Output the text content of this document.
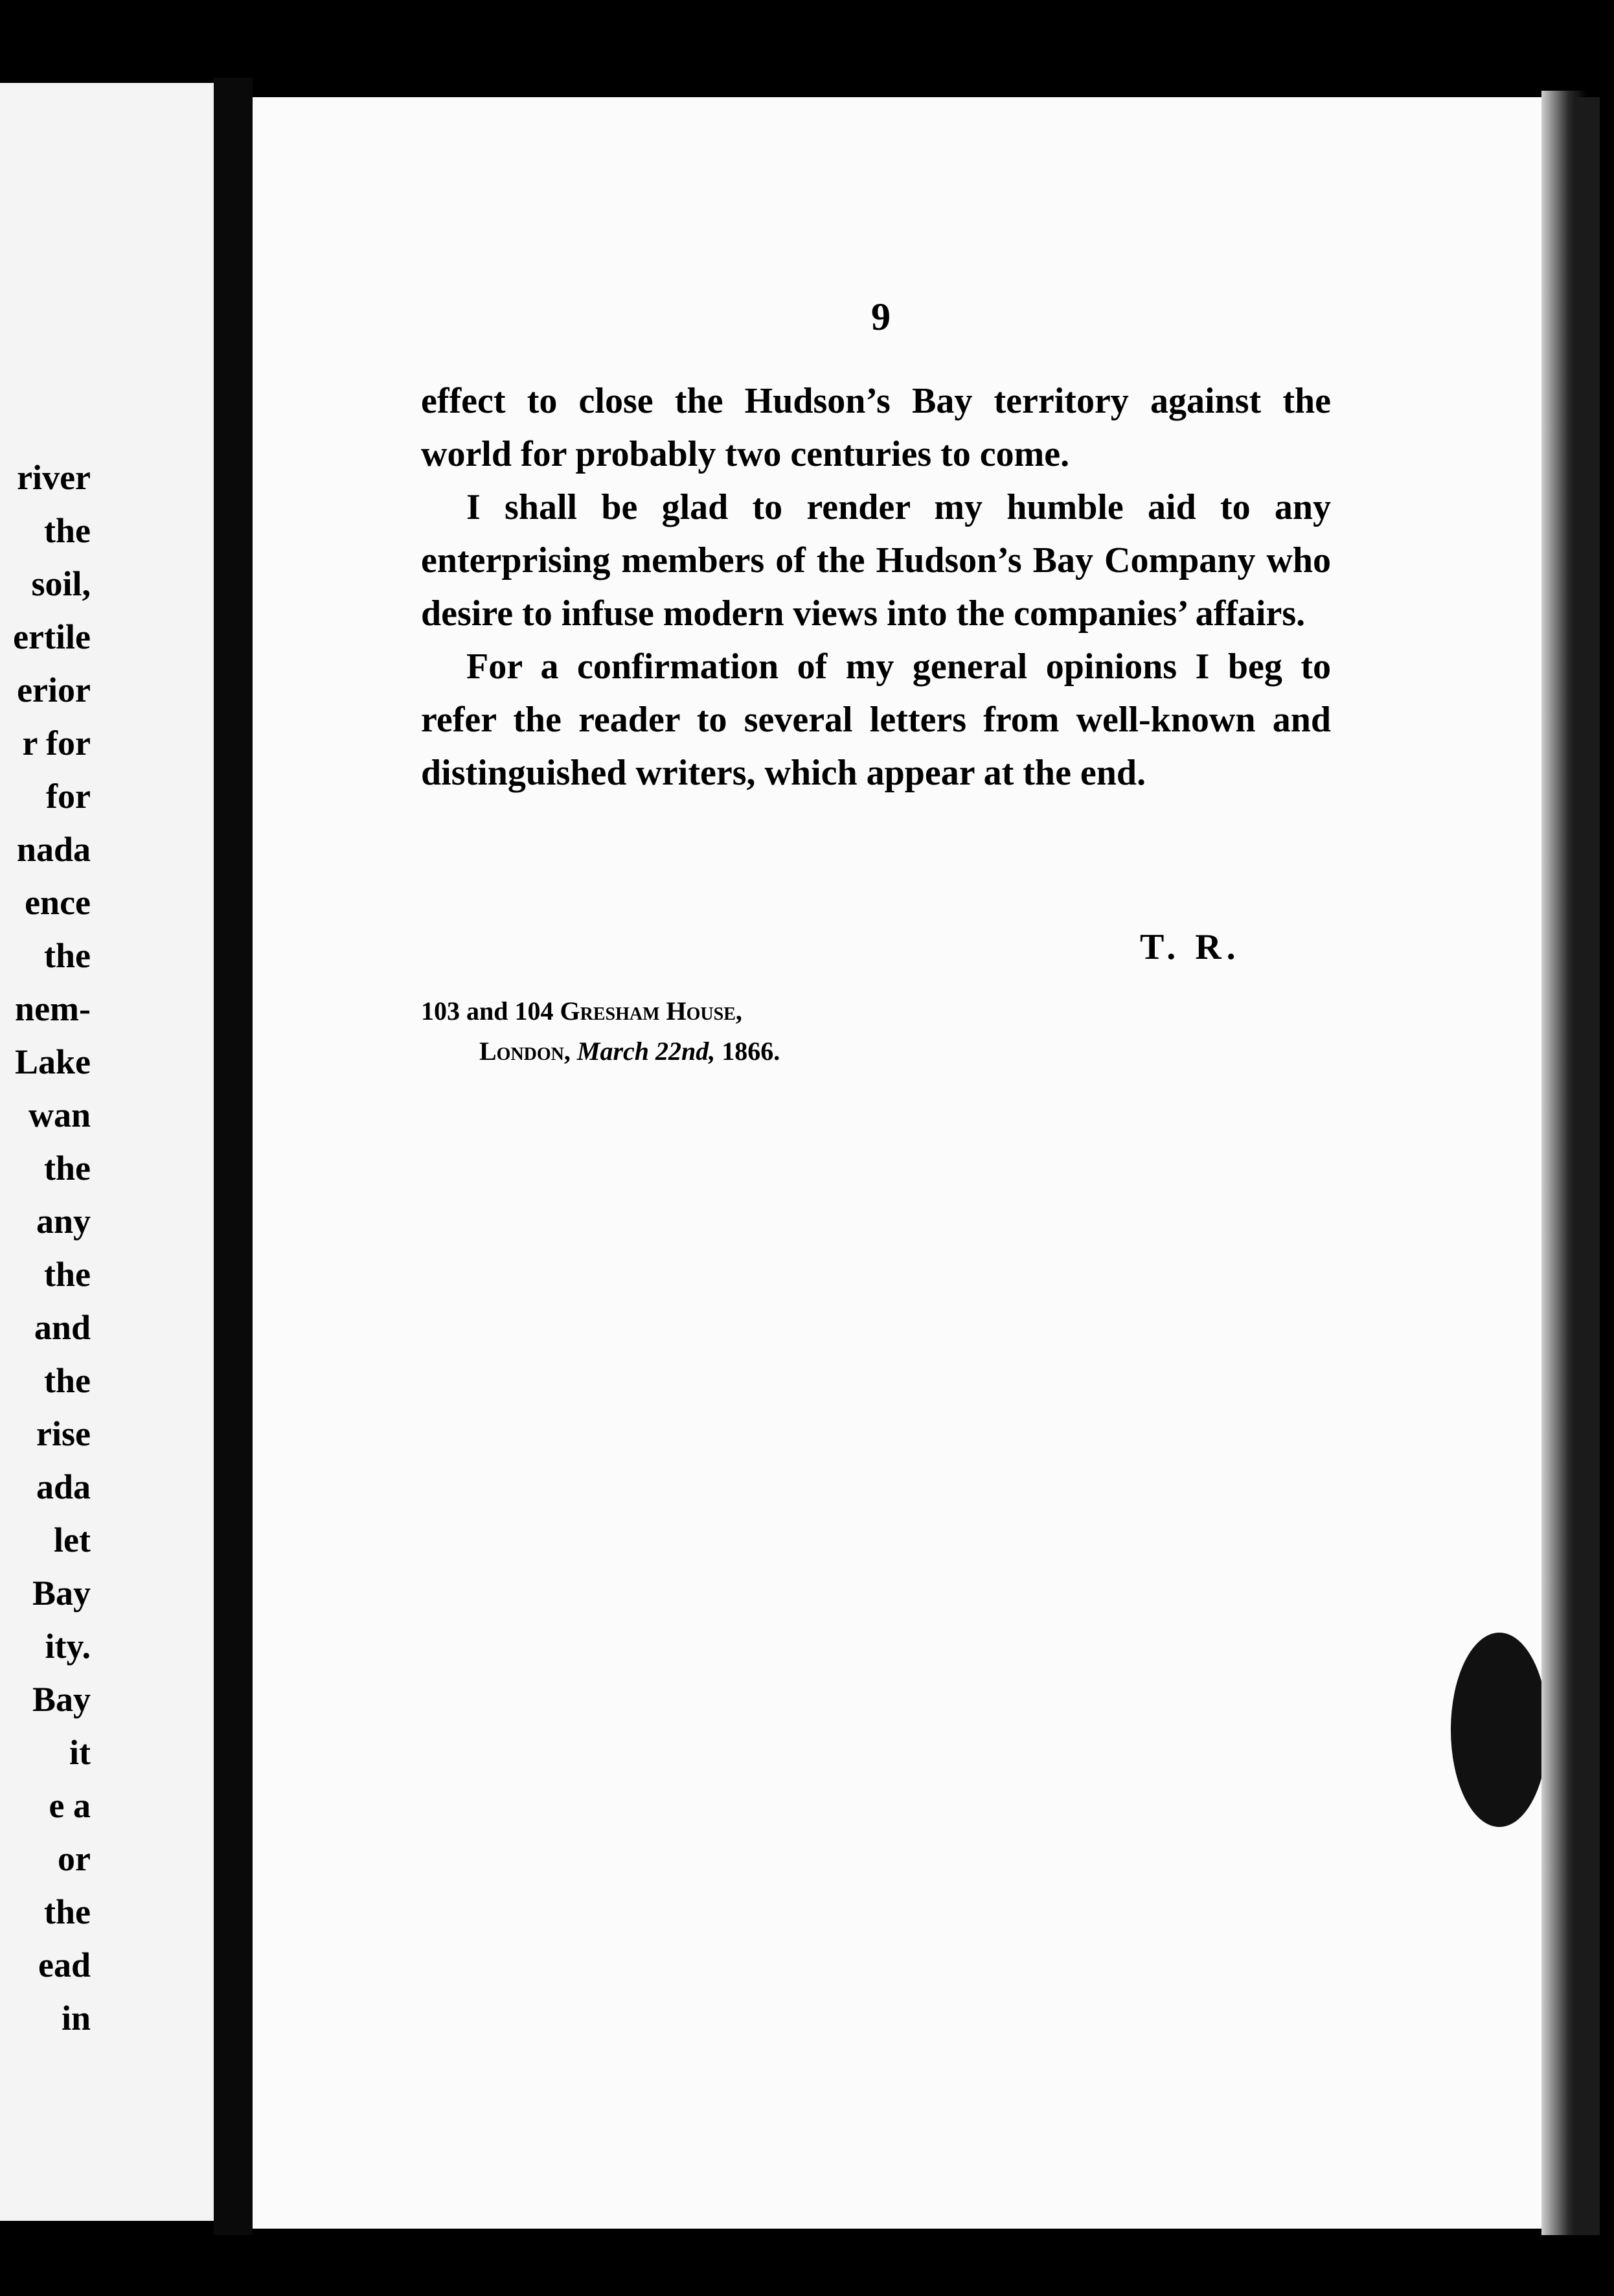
river
the
soil,
ertile
erior
r for
for
nada
ence
the
nem-
Lake
wan
the
any
the
and
the
rise
ada
let
Bay
ity.
Bay
it
e a
or
the
ead
in
9

effect to close the Hudson’s Bay territory against the world for probably two centuries to come.

I shall be glad to render my humble aid to any enterprising members of the Hudson’s Bay Company who desire to infuse modern views into the companies’ affairs.

For a confirmation of my general opinions I beg to refer the reader to several letters from well-known and distinguished writers, which appear at the end.

T. R.
103 and 104 Gresham House,
London, March 22nd, 1866.
